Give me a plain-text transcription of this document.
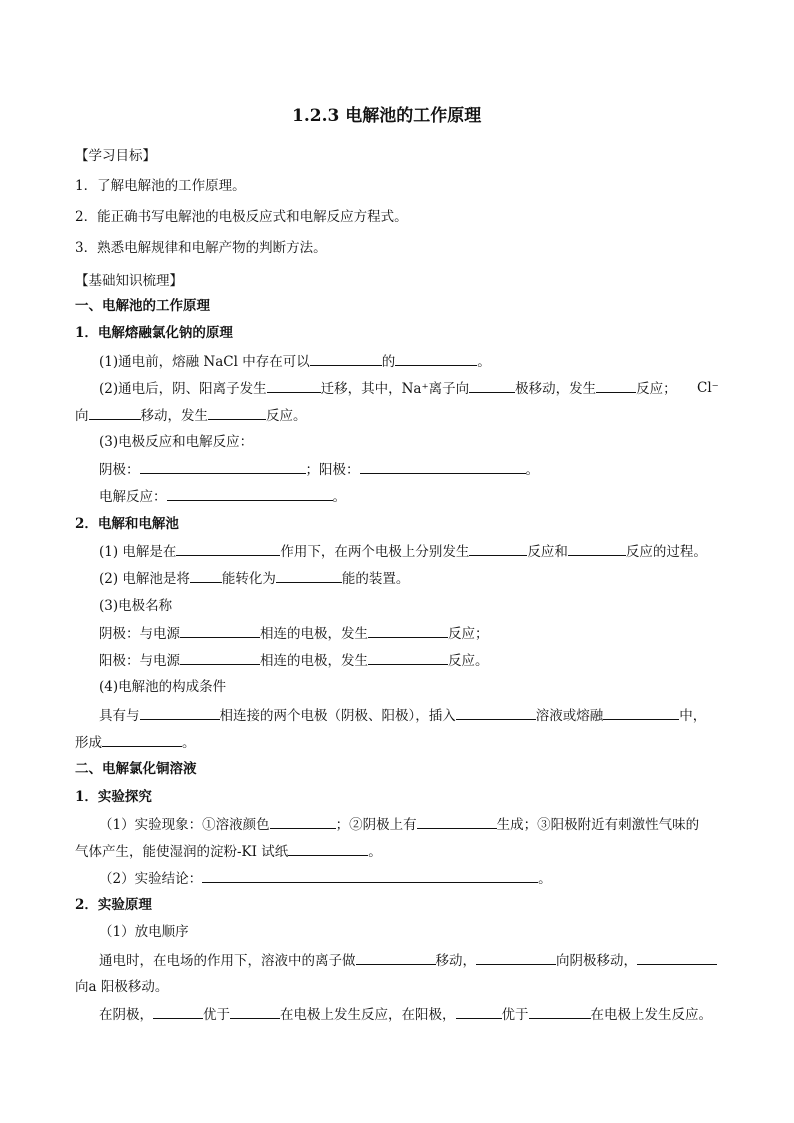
1.2.3 电解池的工作原理
【学习目标】
1．了解电解池的工作原理。
2．能正确书写电解池的电极反应式和电解反应方程式。
3．熟悉电解规律和电解产物的判断方法。
【基础知识梳理】
一、电解池的工作原理
1．电解熔融氯化钠的原理
(1)通电前，熔融 NaCl 中存在可以	的	。
(2)通电后，阴、阳离子发生	迁移，其中，Na⁺离子向	极移动，发生	反应； Cl⁻
向	移动，发生	反应。
(3)电极反应和电解反应：
阴极：	；阳极：	。
电解反应：	。
2．电解和电解池
(1) 电解是在	作用下，在两个电极上分别发生	反应和	反应的过程。
(2) 电解池是将 能转化为	能的装置。
(3)电极名称
阴极：与电源	相连的电极，发生	反应；
阳极：与电源	相连的电极，发生	反应。
(4)电解池的构成条件
具有与	相连接的两个电极（阴极、阳极），插入	溶液或熔融	中，
形成	。
二、电解氯化铜溶液
1．实验探究
（1）实验现象：①溶液颜色	；②阴极上有	生成；③阳极附近有刺激性气味的
气体产生，能使湿润的淀粉-KI 试纸	。
（2）实验结论：	。
2．实验原理
（1）放电顺序
通电时，在电场的作用下，溶液中的离子做	移动，	向阴极移动，
向a 阳极移动。
在阴极，	优于	在电极上发生反应，在阳极，	优于	在电极上发生反应。
